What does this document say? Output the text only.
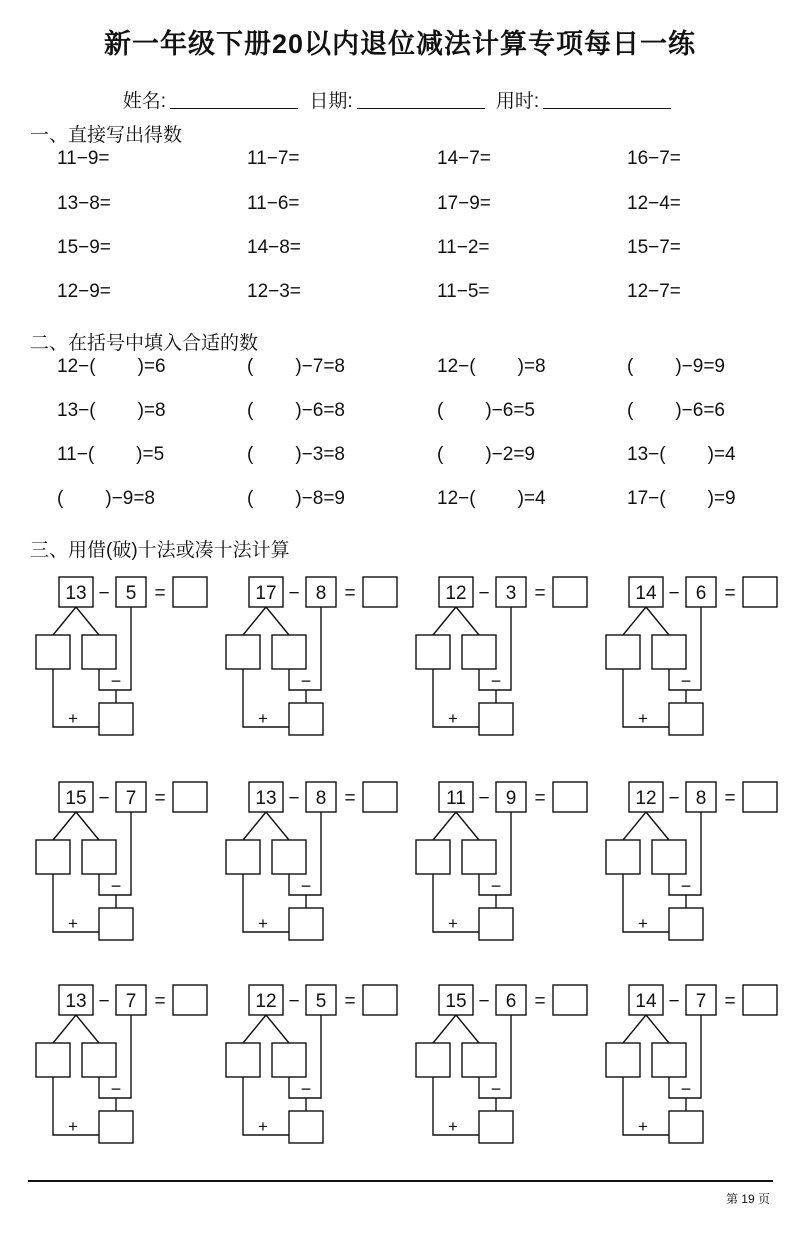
新一年级下册20以内退位减法计算专项每日一练
姓名:	日期:	用时:
一、直接写出得数
二、在括号中填入合适的数
三、用借(破)十法或凑十法计算
11−9=	11−7=	14−7=	16−7=
13−8=	11−6=	17−9=	12−4=
15−9=	14−8=	11−2=	15−7=
12−9=	12−3=	11−5=	12−7=
12−( )=6	( )−7=8	12−( )=8	( )−9=9
13−( )=8	( )−6=8	( )−6=5	( )−6=6
11−( )=5	( )−3=8	( )−2=9	13−( )=4
( )−9=8	( )−8=9	12−( )=4	17−( )=9
13 − 5 =
−
+
17 − 8 =
−
+
12 − 3 =
−
+
14 − 6 =
−
+
15 − 7 =
−
+
13 − 8 =
−
+
11 − 9 =
−
+
12 − 8 =
−
+
13 − 7 =
−
+
12 − 5 =
−
+
15 − 6 =
−
+
14 − 7 =
−
+
第 19 页
